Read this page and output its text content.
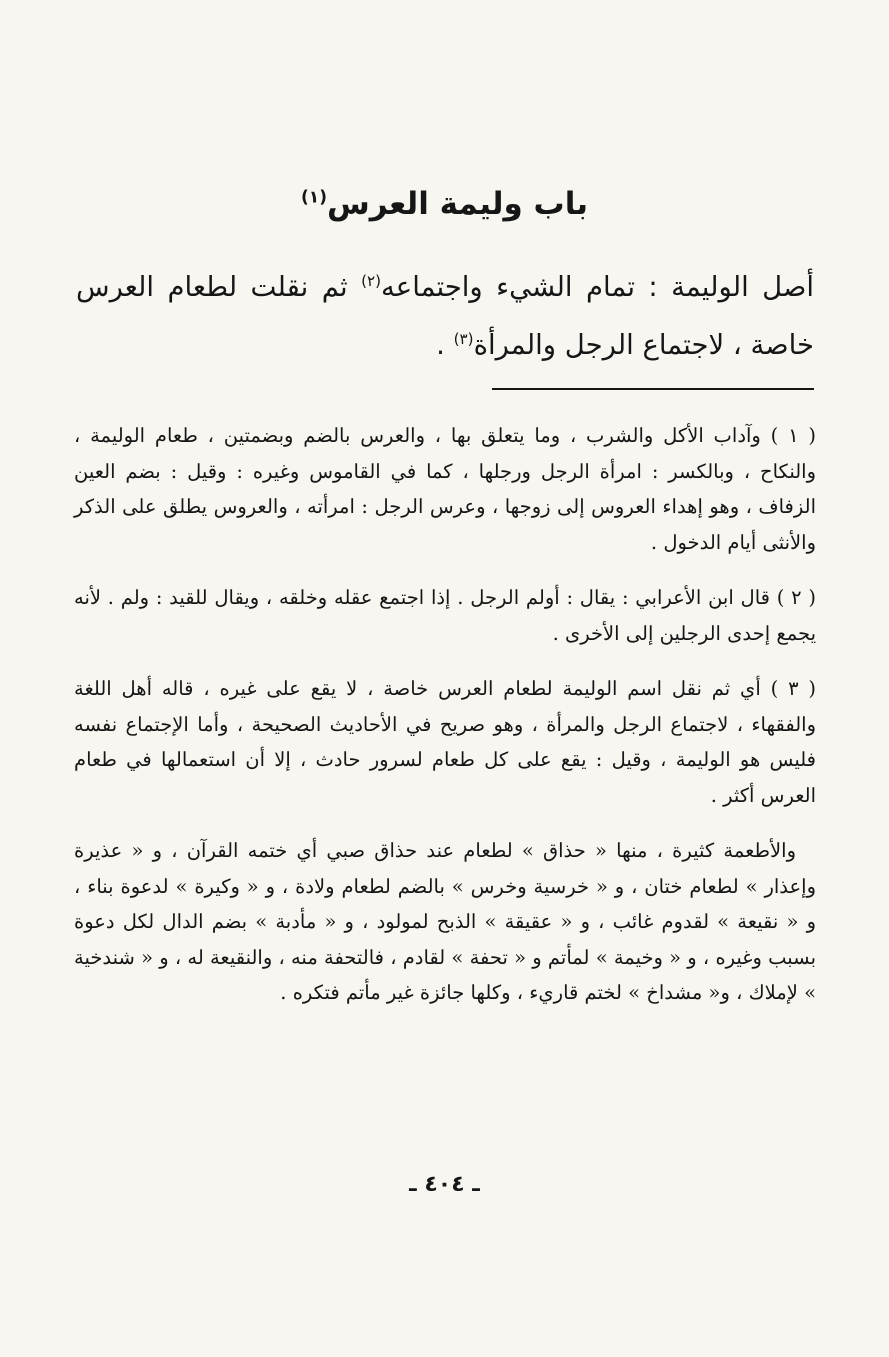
باب وليمة العرس$^{(١)}$

أصل الوليمة : تمام الشيء واجتماعه$^{(٢)}$ ثم نقلت لطعام العرس خاصة ، لاجتماع الرجل والمرأة$^{(٣)}$ .

( ١ ) وآداب الأكل والشرب ، وما يتعلق بها ، والعرس بالضم وبضمتين ، طعام الوليمة ، والنكاح ، وبالكسر : امرأة الرجل ورجلها ، كما في القاموس وغيره : وقيل : بضم العين الزفاف ، وهو إهداء العروس إلى زوجها ، وعرس الرجل : امرأته ، والعروس يطلق على الذكر والأنثى أيام الدخول .

( ٢ ) قال ابن الأعرابي : يقال : أولم الرجل . إذا اجتمع عقله وخلقه ، ويقال للقيد : ولم . لأنه يجمع إحدى الرجلين إلى الأخرى .

( ٣ ) أي ثم نقل اسم الوليمة لطعام العرس خاصة ، لا يقع على غيره ، قاله أهل اللغة والفقهاء ، لاجتماع الرجل والمرأة ، وهو صريح في الأحاديث الصحيحة ، وأما الإجتماع نفسه فليس هو الوليمة ، وقيل : يقع على كل طعام لسرور حادث ، إلا أن استعمالها في طعام العرس أكثر .

والأطعمة كثيرة ، منها « حذاق » لطعام عند حذاق صبي أي ختمه القرآن ، و « عذيرة وإعذار » لطعام ختان ، و « خرسية وخرس » بالضم لطعام ولادة ، و « وكيرة » لدعوة بناء ، و « نقيعة » لقدوم غائب ، و « عقيقة » الذبح لمولود ، و « مأدبة » بضم الدال لكل دعوة بسبب وغيره ، و « وخيمة » لمأتم و « تحفة » لقادم ، فالتحفة منه ، والنقيعة له ، و « شندخية » لإملاك ، و« مشداخ » لختم قاريء ، وكلها جائزة غير مأتم فتكره .

ـ ٤٠٤ ـ
